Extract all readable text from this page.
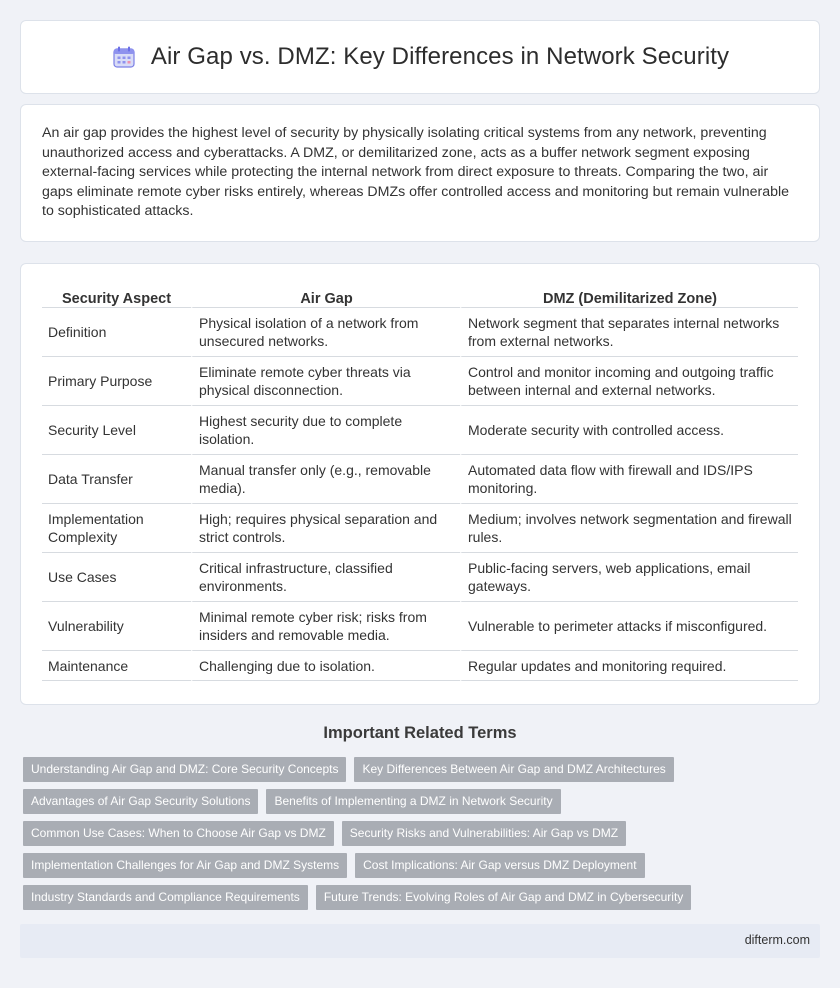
Air Gap vs. DMZ: Key Differences in Network Security

An air gap provides the highest level of security by physically isolating critical systems from any network, preventing unauthorized access and cyberattacks. A DMZ, or demilitarized zone, acts as a buffer network segment exposing external-facing services while protecting the internal network from direct exposure to threats. Comparing the two, air gaps eliminate remote cyber risks entirely, whereas DMZs offer controlled access and monitoring but remain vulnerable to sophisticated attacks.

Security Aspect	Air Gap	DMZ (Demilitarized Zone)
Definition	Physical isolation of a network from unsecured networks.	Network segment that separates internal networks from external networks.
Primary Purpose	Eliminate remote cyber threats via physical disconnection.	Control and monitor incoming and outgoing traffic between internal and external networks.
Security Level	Highest security due to complete isolation.	Moderate security with controlled access.
Data Transfer	Manual transfer only (e.g., removable media).	Automated data flow with firewall and IDS/IPS monitoring.
Implementation Complexity	High; requires physical separation and strict controls.	Medium; involves network segmentation and firewall rules.
Use Cases	Critical infrastructure, classified environments.	Public-facing servers, web applications, email gateways.
Vulnerability	Minimal remote cyber risk; risks from insiders and removable media.	Vulnerable to perimeter attacks if misconfigured.
Maintenance	Challenging due to isolation.	Regular updates and monitoring required.
Important Related Terms
Understanding Air Gap and DMZ: Core Security Concepts	Key Differences Between Air Gap and DMZ Architectures
Advantages of Air Gap Security Solutions	Benefits of Implementing a DMZ in Network Security
Common Use Cases: When to Choose Air Gap vs DMZ	Security Risks and Vulnerabilities: Air Gap vs DMZ
Implementation Challenges for Air Gap and DMZ Systems	Cost Implications: Air Gap versus DMZ Deployment
Industry Standards and Compliance Requirements	Future Trends: Evolving Roles of Air Gap and DMZ in Cybersecurity
difterm.com
